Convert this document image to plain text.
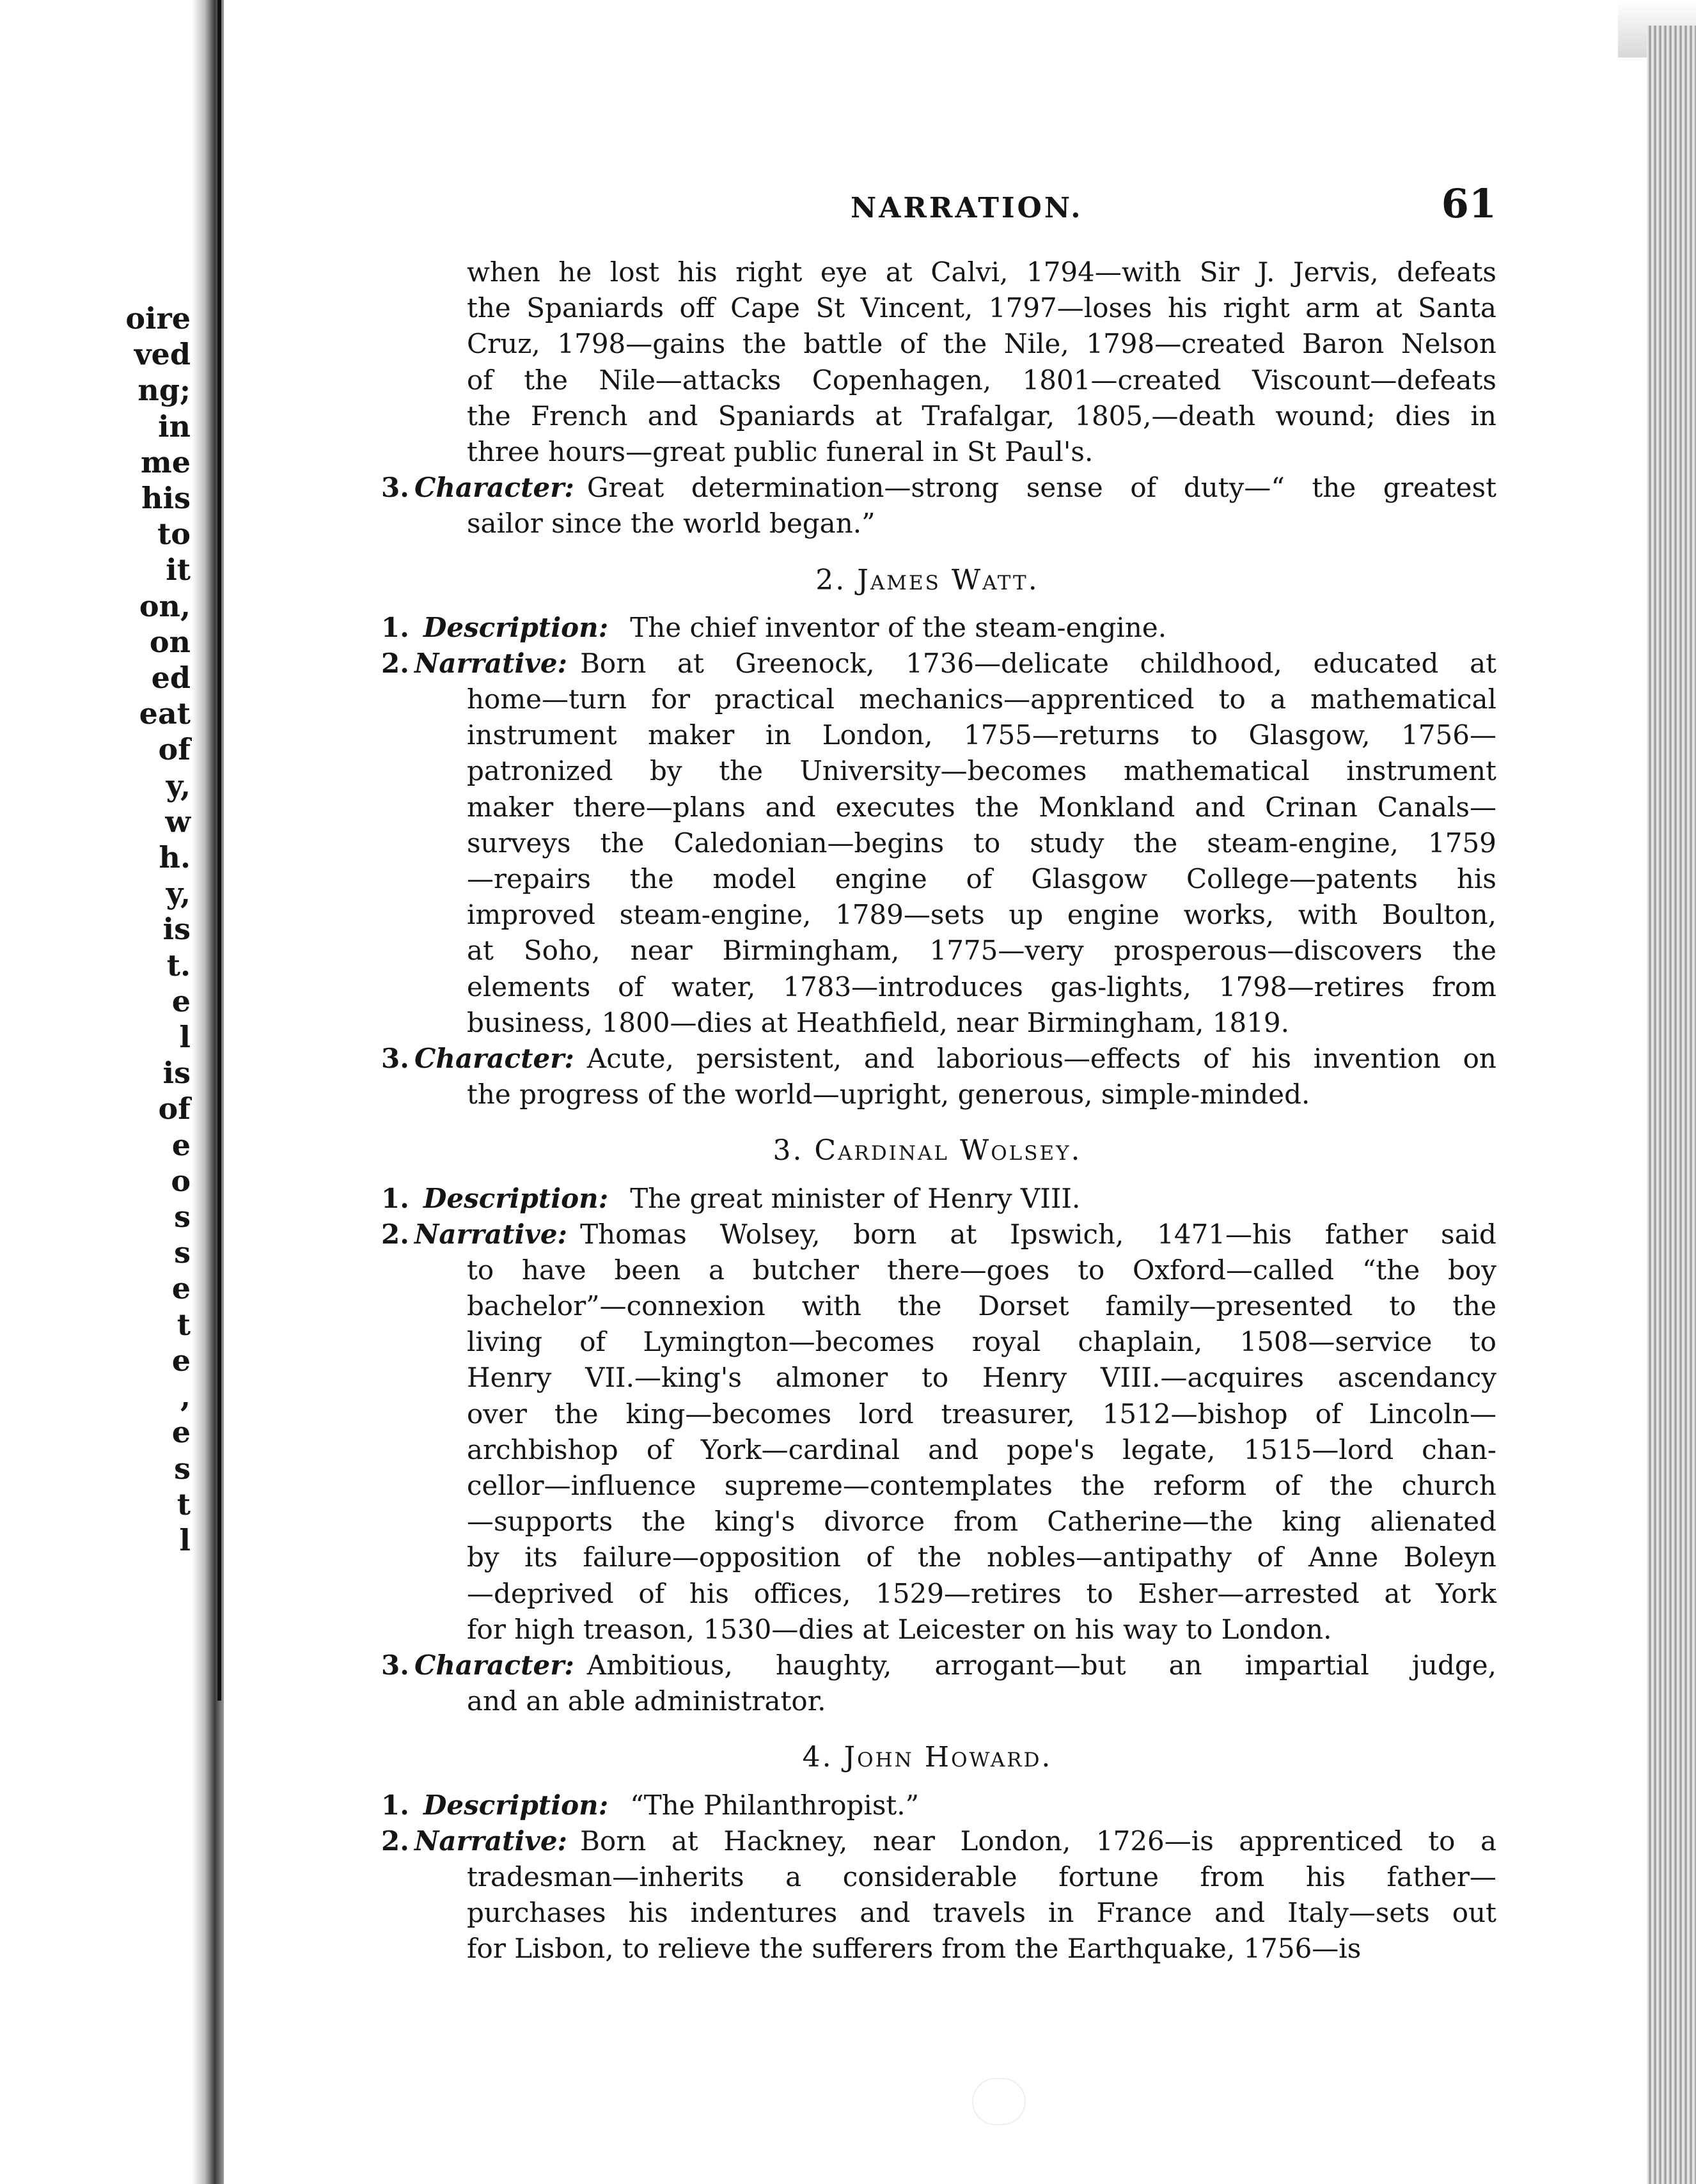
oire
ved
ng;
in
me
his
to
it
on,
on
ed
eat
of
y,
w
h.
y,
is
t.
e
l
is
of
e
o
s
s
e
t
e
,
e
s
t
l
NARRATION.	61
when he lost his right eye at Calvi, 1794—with Sir J. Jervis, defeats
the Spaniards off Cape St Vincent, 1797—loses his right arm at Santa
Cruz, 1798—gains the battle of the Nile, 1798—created Baron Nelson
of the Nile—attacks Copenhagen, 1801—created Viscount—defeats
the French and Spaniards at Trafalgar, 1805,—death wound; dies in
three hours—great public funeral in St Paul's.
3. Character: Great determination—strong sense of duty—“ the greatest
sailor since the world began.”
2. James Watt.
1. Description: The chief inventor of the steam-engine.
2. Narrative: Born at Greenock, 1736—delicate childhood, educated at
home—turn for practical mechanics—apprenticed to a mathematical
instrument maker in London, 1755—returns to Glasgow, 1756—
patronized by the University—becomes mathematical instrument
maker there—plans and executes the Monkland and Crinan Canals—
surveys the Caledonian—begins to study the steam-engine, 1759
—repairs the model engine of Glasgow College—patents his
improved steam-engine, 1789—sets up engine works, with Boulton,
at Soho, near Birmingham, 1775—very prosperous—discovers the
elements of water, 1783—introduces gas-lights, 1798—retires from
business, 1800—dies at Heathfield, near Birmingham, 1819.
3. Character: Acute, persistent, and laborious—effects of his invention on
the progress of the world—upright, generous, simple-minded.
3. Cardinal Wolsey.
1. Description: The great minister of Henry VIII.
2. Narrative: Thomas Wolsey, born at Ipswich, 1471—his father said
to have been a butcher there—goes to Oxford—called “the boy
bachelor”—connexion with the Dorset family—presented to the
living of Lymington—becomes royal chaplain, 1508—service to
Henry VII.—king's almoner to Henry VIII.—acquires ascendancy
over the king—becomes lord treasurer, 1512—bishop of Lincoln—
archbishop of York—cardinal and pope's legate, 1515—lord chan-
cellor—influence supreme—contemplates the reform of the church
—supports the king's divorce from Catherine—the king alienated
by its failure—opposition of the nobles—antipathy of Anne Boleyn
—deprived of his offices, 1529—retires to Esher—arrested at York
for high treason, 1530—dies at Leicester on his way to London.
3. Character: Ambitious, haughty, arrogant—but an impartial judge,
and an able administrator.
4. John Howard.
1. Description: “The Philanthropist.”
2. Narrative: Born at Hackney, near London, 1726—is apprenticed to a
tradesman—inherits a considerable fortune from his father—
purchases his indentures and travels in France and Italy—sets out
for Lisbon, to relieve the sufferers from the Earthquake, 1756—is
